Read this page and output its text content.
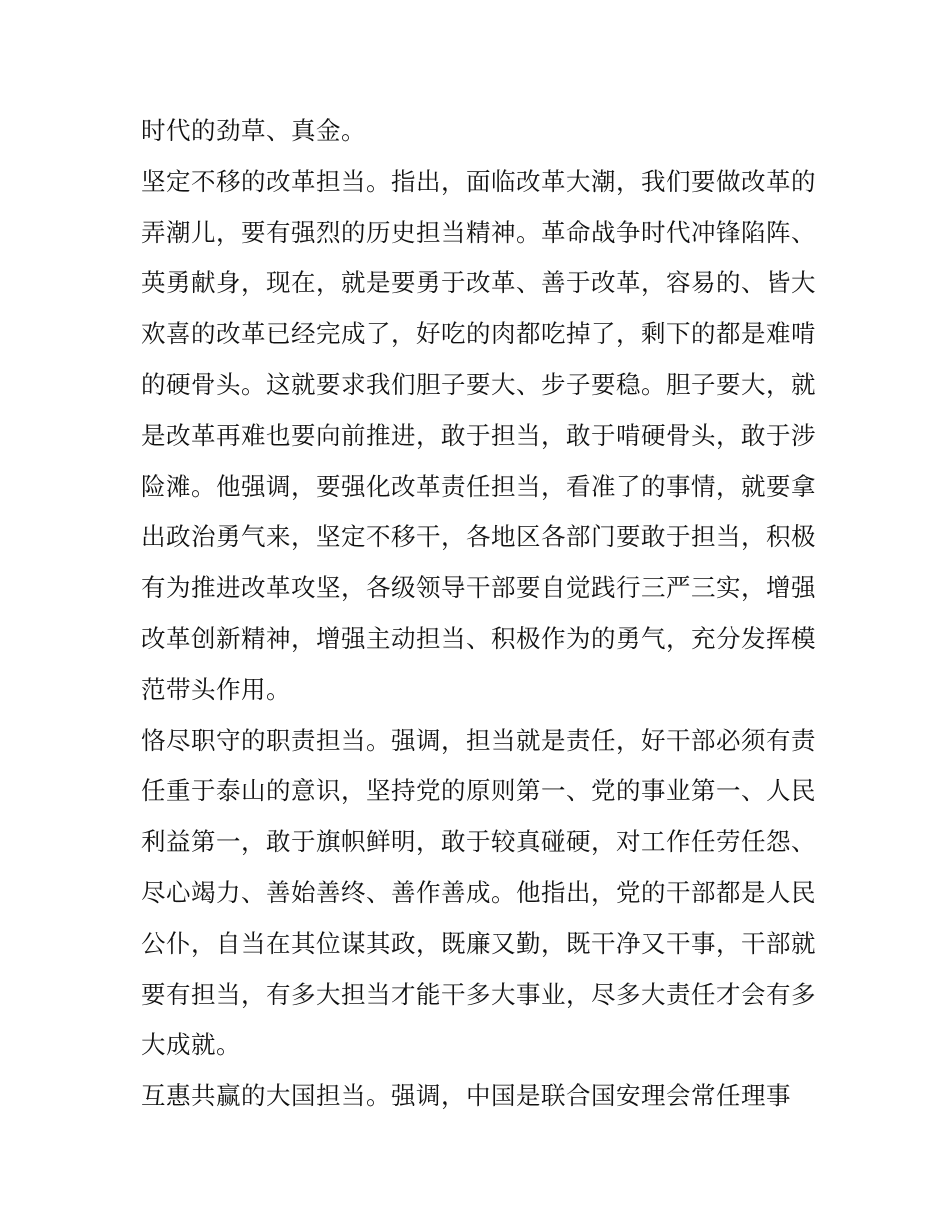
时代的劲草、真金。
坚定不移的改革担当。指出，面临改革大潮，我们要做改革的
弄潮儿，要有强烈的历史担当精神。革命战争时代冲锋陷阵、
英勇献身，现在，就是要勇于改革、善于改革，容易的、皆大
欢喜的改革已经完成了，好吃的肉都吃掉了，剩下的都是难啃
的硬骨头。这就要求我们胆子要大、步子要稳。胆子要大，就
是改革再难也要向前推进，敢于担当，敢于啃硬骨头，敢于涉
险滩。他强调，要强化改革责任担当，看准了的事情，就要拿
出政治勇气来，坚定不移干，各地区各部门要敢于担当，积极
有为推进改革攻坚，各级领导干部要自觉践行三严三实，增强
改革创新精神，增强主动担当、积极作为的勇气，充分发挥模
范带头作用。
恪尽职守的职责担当。强调，担当就是责任，好干部必须有责
任重于泰山的意识，坚持党的原则第一、党的事业第一、人民
利益第一，敢于旗帜鲜明，敢于较真碰硬，对工作任劳任怨、
尽心竭力、善始善终、善作善成。他指出，党的干部都是人民
公仆，自当在其位谋其政，既廉又勤，既干净又干事，干部就
要有担当，有多大担当才能干多大事业，尽多大责任才会有多
大成就。
互惠共赢的大国担当。强调，中国是联合国安理会常任理事
